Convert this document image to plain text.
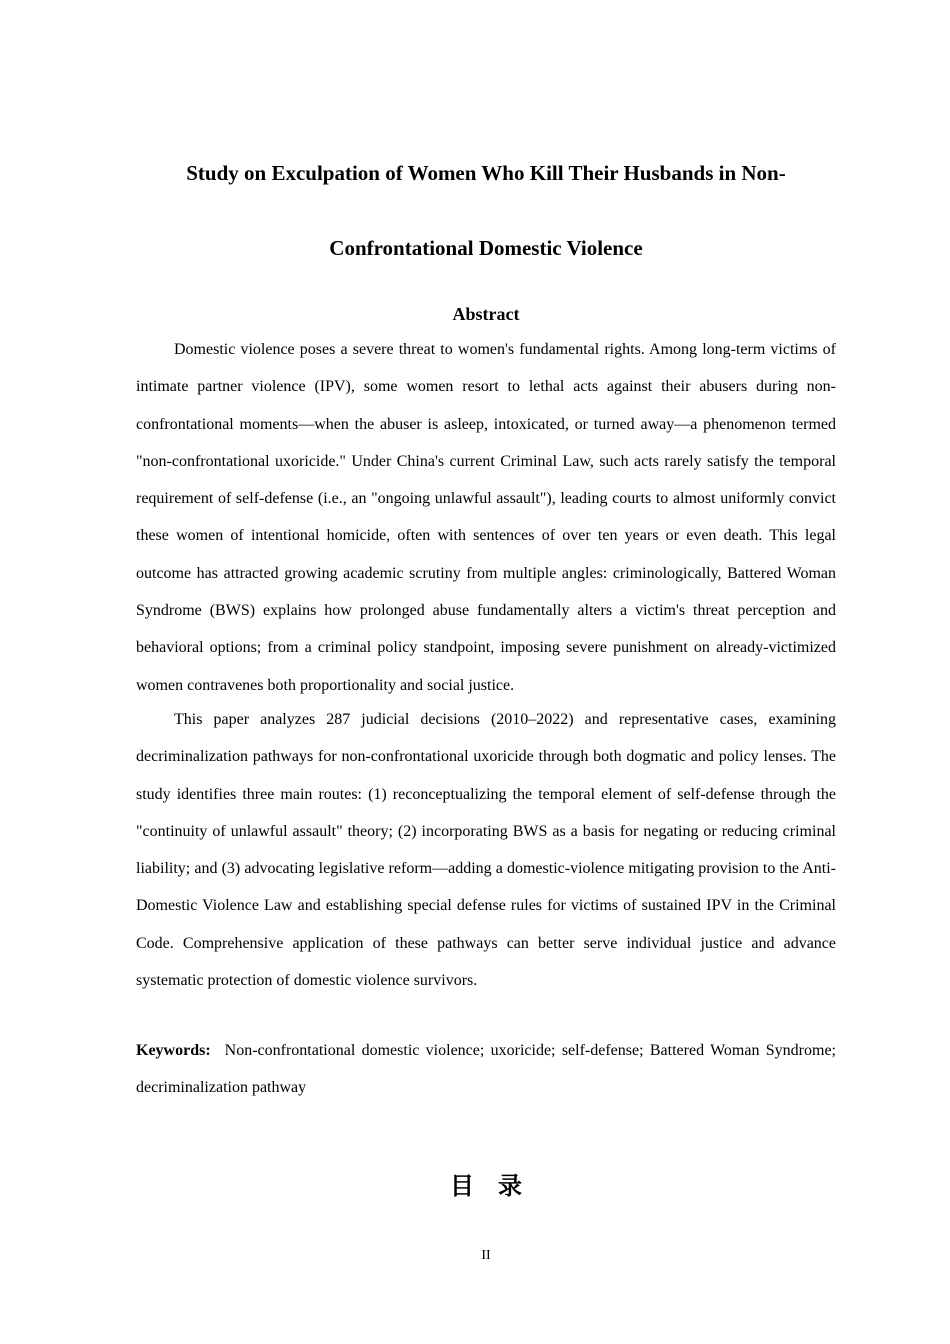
Study on Exculpation of Women Who Kill Their Husbands in Non-Confrontational Domestic Violence
Abstract

Domestic violence poses a severe threat to women's fundamental rights. Among long-term victims of intimate partner violence (IPV), some women resort to lethal acts against their abusers during non-confrontational moments—when the abuser is asleep, intoxicated, or turned away—a phenomenon termed "non-confrontational uxoricide." Under China's current Criminal Law, such acts rarely satisfy the temporal requirement of self-defense (i.e., an "ongoing unlawful assault"), leading courts to almost uniformly convict these women of intentional homicide, often with sentences of over ten years or even death. This legal outcome has attracted growing academic scrutiny from multiple angles: criminologically, Battered Woman Syndrome (BWS) explains how prolonged abuse fundamentally alters a victim's threat perception and behavioral options; from a criminal policy standpoint, imposing severe punishment on already-victimized women contravenes both proportionality and social justice.

This paper analyzes 287 judicial decisions (2010–2022) and representative cases, examining decriminalization pathways for non-confrontational uxoricide through both dogmatic and policy lenses. The study identifies three main routes: (1) reconceptualizing the temporal element of self-defense through the "continuity of unlawful assault" theory; (2) incorporating BWS as a basis for negating or reducing criminal liability; and (3) advocating legislative reform—adding a domestic-violence mitigating provision to the Anti-Domestic Violence Law and establishing special defense rules for victims of sustained IPV in the Criminal Code. Comprehensive application of these pathways can better serve individual justice and advance systematic protection of domestic violence survivors.

Keywords: Non-confrontational domestic violence; uxoricide; self-defense; Battered Woman Syndrome; decriminalization pathway

目录
II
